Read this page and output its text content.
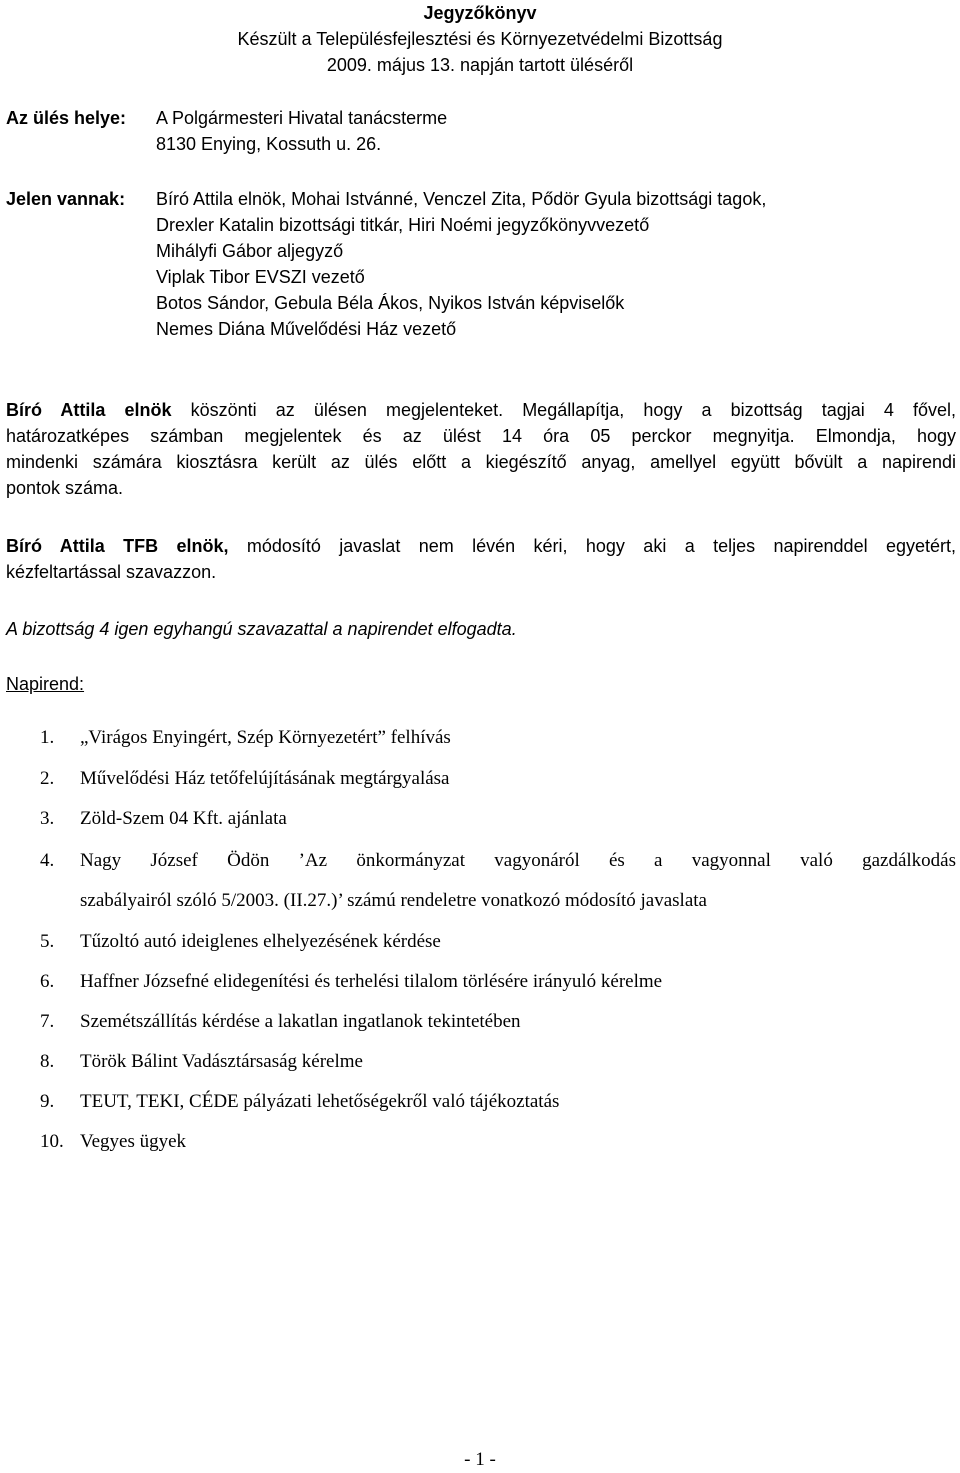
Jegyzőkönyv
Készült a Településfejlesztési és Környezetvédelmi Bizottság
2009. május 13. napján tartott üléséről
Az ülés helye: A Polgármesteri Hivatal tanácsterme
8130 Enying, Kossuth u. 26.
Jelen vannak: Bíró Attila elnök, Mohai Istvánné, Venczel Zita, Pődör Gyula bizottsági tagok,
Drexler Katalin bizottsági titkár, Hiri Noémi jegyzőkönyvvezető
Mihályfi Gábor aljegyző
Viplak Tibor EVSZI vezető
Botos Sándor, Gebula Béla Ákos, Nyikos István képviselők
Nemes Diána Művelődési Ház vezető
Bíró Attila elnök köszönti az ülésen megjelenteket. Megállapítja, hogy a bizottság tagjai 4 fővel,
határozatképes számban megjelentek és az ülést 14 óra 05 perckor megnyitja. Elmondja, hogy
mindenki számára kiosztásra került az ülés előtt a kiegészítő anyag, amellyel együtt bővült a napirendi
pontok száma.
Bíró Attila TFB elnök, módosító javaslat nem lévén kéri, hogy aki a teljes napirenddel egyetért,
kézfeltartással szavazzon.
A bizottság 4 igen egyhangú szavazattal a napirendet elfogadta.
Napirend:
1. „Virágos Enyingért, Szép Környezetért” felhívás
2. Művelődési Ház tetőfelújításának megtárgyalása
3. Zöld-Szem 04 Kft. ajánlata
4. Nagy József Ödön ’Az önkormányzat vagyonáról és a vagyonnal való gazdálkodás
szabályairól szóló 5/2003. (II.27.)’ számú rendeletre vonatkozó módosító javaslata
5. Tűzoltó autó ideiglenes elhelyezésének kérdése
6. Haffner Józsefné elidegenítési és terhelési tilalom törlésére irányuló kérelme
7. Szemétszállítás kérdése a lakatlan ingatlanok tekintetében
8. Török Bálint Vadásztársaság kérelme
9. TEUT, TEKI, CÉDE pályázati lehetőségekről való tájékoztatás
10. Vegyes ügyek
- 1 -
